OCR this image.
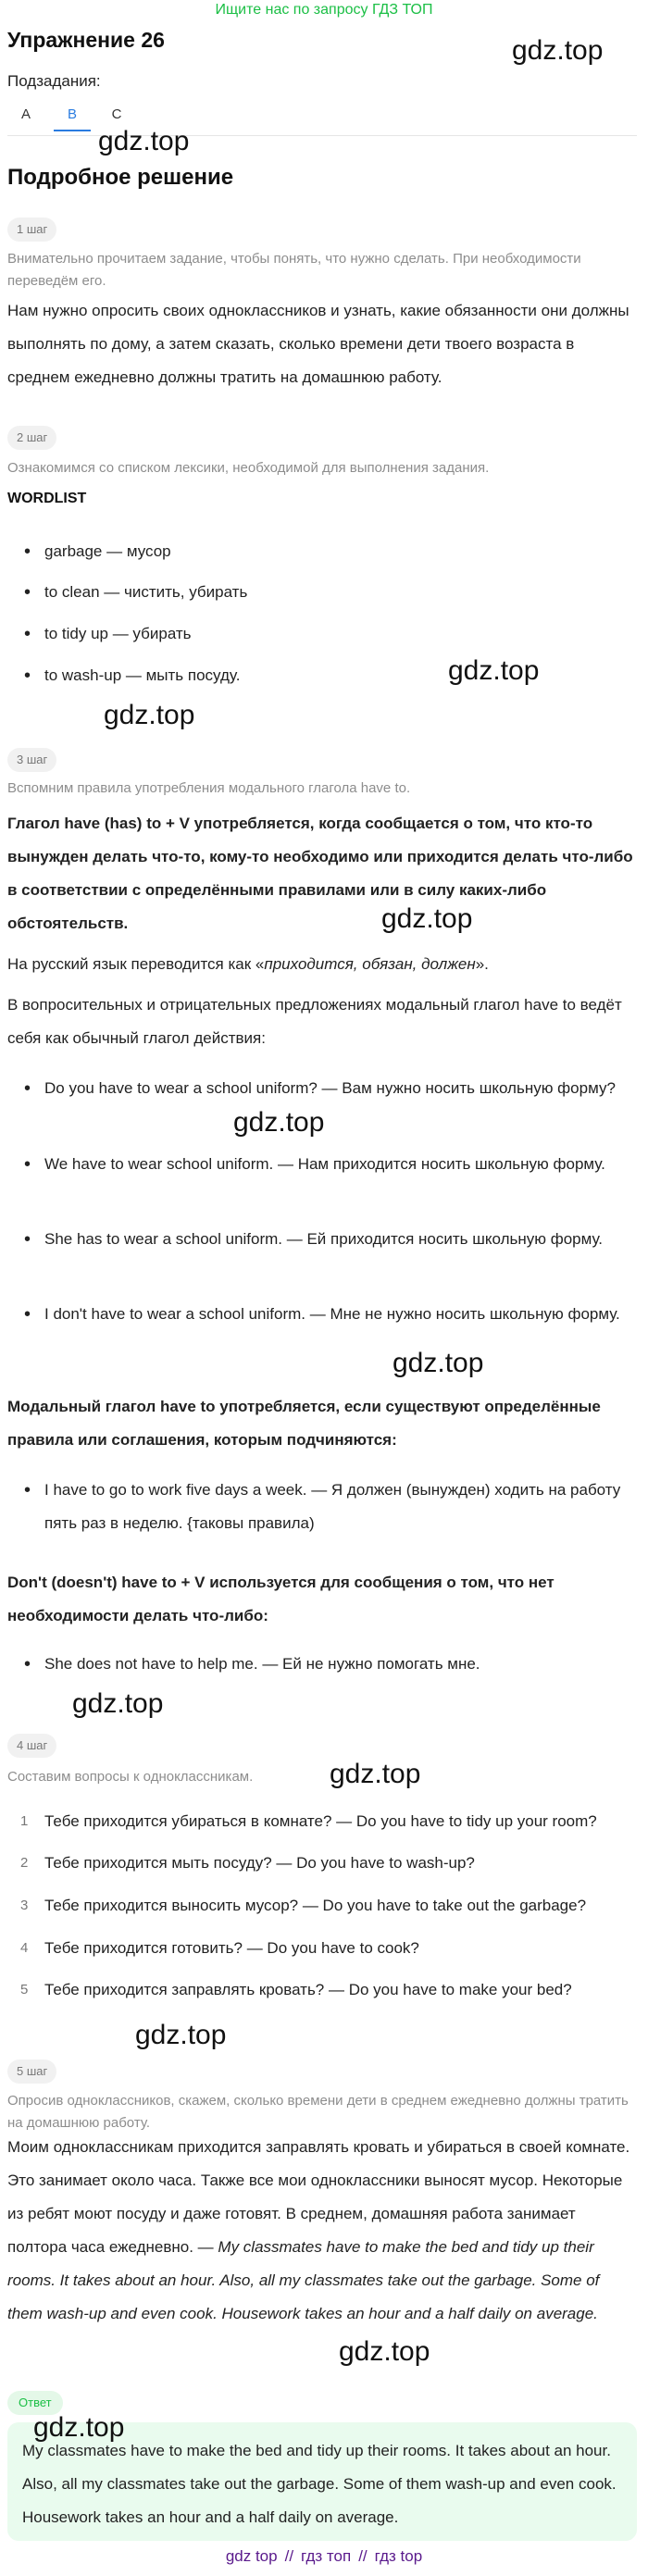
Ищите нас по запросу ГДЗ ТОП
Упражнение 26	gdz.top
Подзадания:
A	B	C
gdz.top
Подробное решение
1 шаг
Внимательно прочитаем задание, чтобы понять, что нужно сделать. При необходимости переведём его.
Нам нужно опросить своих одноклассников и узнать, какие обязанности они должны выполнять по дому, а затем сказать, сколько времени дети твоего возраста в среднем ежедневно должны тратить на домашнюю работу.
2 шаг
Ознакомимся со списком лексики, необходимой для выполнения задания.
WORDLIST
• garbage — мусор
• to clean — чистить, убирать
• to tidy up — убирать
• to wash-up — мыть посуду.	gdz.top
gdz.top
3 шаг
Вспомним правила употребления модального глагола have to.
Глагол have (has) to + V употребляется, когда сообщается о том, что кто-то вынужден делать что-то, кому-то необходимо или приходится делать что-либо в соответствии с определёнными правилами или в силу каких-либо обстоятельств.	gdz.top
На русский язык переводится как «приходится, обязан, должен».
В вопросительных и отрицательных предложениях модальный глагол have to ведёт себя как обычный глагол действия:
• Do you have to wear a school uniform? — Вам нужно носить школьную форму?
gdz.top
• We have to wear school uniform. — Нам приходится носить школьную форму.
• She has to wear a school uniform. — Ей приходится носить школьную форму.
• I don't have to wear a school uniform. — Мне не нужно носить школьную форму.
gdz.top
Модальный глагол have to употребляется, если существуют определённые правила или соглашения, которым подчиняются:
• I have to go to work five days a week. — Я должен (вынужден) ходить на работу пять раз в неделю. {таковы правила)
Don't (doesn't) have to + V используется для сообщения о том, что нет необходимости делать что-либо:
• She does not have to help me. — Ей не нужно помогать мне.
gdz.top
4 шаг
Составим вопросы к одноклассникам.	gdz.top
1	Тебе приходится убираться в комнате? — Do you have to tidy up your room?
2	Тебе приходится мыть посуду? — Do you have to wash-up?
3	Тебе приходится выносить мусор? — Do you have to take out the garbage?
4	Тебе приходится готовить? — Do you have to cook?
5	Тебе приходится заправлять кровать? — Do you have to make your bed?
gdz.top
5 шаг
Опросив одноклассников, скажем, сколько времени дети в среднем ежедневно должны тратить на домашнюю работу.
Моим одноклассникам приходится заправлять кровать и убираться в своей комнате. Это занимает около часа. Также все мои одноклассники выносят мусор. Некоторые из ребят моют посуду и даже готовят. В среднем, домашняя работа занимает полтора часа ежедневно. — My classmates have to make the bed and tidy up their rooms. It takes about an hour. Also, all my classmates take out the garbage. Some of them wash-up and even cook. Housework takes an hour and a half daily on average.
gdz.top
Ответ
gdz.top
My classmates have to make the bed and tidy up their rooms. It takes about an hour. Also, all my classmates take out the garbage. Some of them wash-up and even cook. Housework takes an hour and a half daily on average.
gdz top // гдз топ // гдз top
